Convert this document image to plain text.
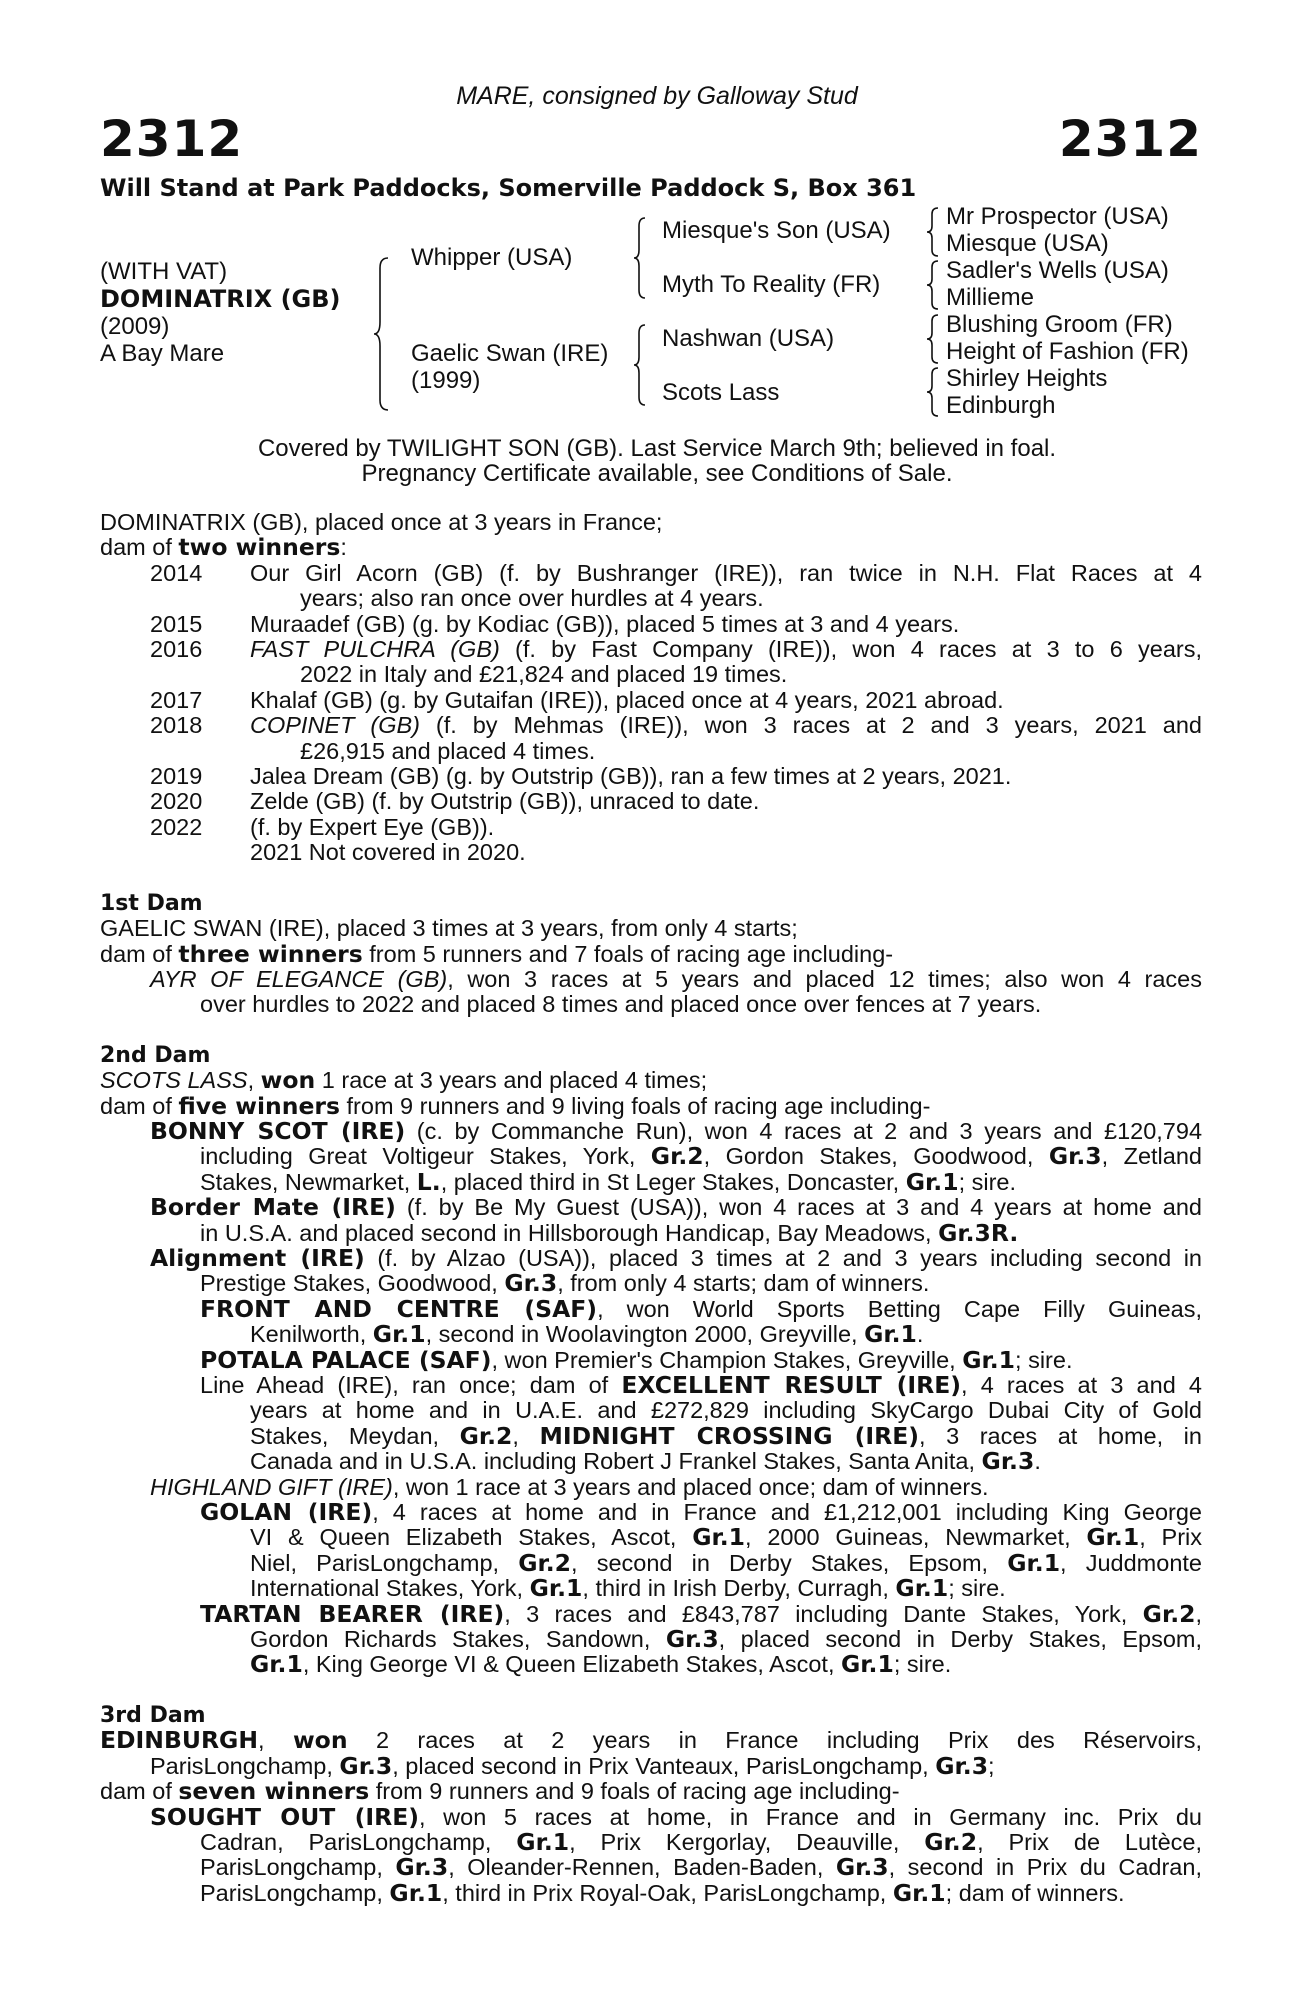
MARE, consigned by Galloway Stud
2312	2312
Will Stand at Park Paddocks, Somerville Paddock S, Box 361
(WITH VAT)
DOMINATRIX (GB)
(2009)
A Bay Mare
Whipper (USA)
Gaelic Swan (IRE)
(1999)
Miesque's Son (USA)
Myth To Reality (FR)
Nashwan (USA)
Scots Lass
Mr Prospector (USA)
Miesque (USA)
Sadler's Wells (USA)
Millieme
Blushing Groom (FR)
Height of Fashion (FR)
Shirley Heights
Edinburgh
Covered by TWILIGHT SON (GB). Last Service March 9th; believed in foal.
Pregnancy Certificate available, see Conditions of Sale.
DOMINATRIX (GB), placed once at 3 years in France;
dam of two winners:
2014 Our Girl Acorn (GB) (f. by Bushranger (IRE)), ran twice in N.H. Flat Races at 4
years; also ran once over hurdles at 4 years.
2015 Muraadef (GB) (g. by Kodiac (GB)), placed 5 times at 3 and 4 years.
2016 FAST PULCHRA (GB) (f. by Fast Company (IRE)), won 4 races at 3 to 6 years,
2022 in Italy and £21,824 and placed 19 times.
2017 Khalaf (GB) (g. by Gutaifan (IRE)), placed once at 4 years, 2021 abroad.
2018 COPINET (GB) (f. by Mehmas (IRE)), won 3 races at 2 and 3 years, 2021 and
£26,915 and placed 4 times.
2019 Jalea Dream (GB) (g. by Outstrip (GB)), ran a few times at 2 years, 2021.
2020 Zelde (GB) (f. by Outstrip (GB)), unraced to date.
2022 (f. by Expert Eye (GB)).
2021 Not covered in 2020.
1st Dam
GAELIC SWAN (IRE), placed 3 times at 3 years, from only 4 starts;
dam of three winners from 5 runners and 7 foals of racing age including-
AYR OF ELEGANCE (GB), won 3 races at 5 years and placed 12 times; also won 4 races
over hurdles to 2022 and placed 8 times and placed once over fences at 7 years.
2nd Dam
SCOTS LASS, won 1 race at 3 years and placed 4 times;
dam of five winners from 9 runners and 9 living foals of racing age including-
BONNY SCOT (IRE) (c. by Commanche Run), won 4 races at 2 and 3 years and £120,794
including Great Voltigeur Stakes, York, Gr.2, Gordon Stakes, Goodwood, Gr.3, Zetland
Stakes, Newmarket, L., placed third in St Leger Stakes, Doncaster, Gr.1; sire.
Border Mate (IRE) (f. by Be My Guest (USA)), won 4 races at 3 and 4 years at home and
in U.S.A. and placed second in Hillsborough Handicap, Bay Meadows, Gr.3R.
Alignment (IRE) (f. by Alzao (USA)), placed 3 times at 2 and 3 years including second in
Prestige Stakes, Goodwood, Gr.3, from only 4 starts; dam of winners.
FRONT AND CENTRE (SAF), won World Sports Betting Cape Filly Guineas,
Kenilworth, Gr.1, second in Woolavington 2000, Greyville, Gr.1.
POTALA PALACE (SAF), won Premier's Champion Stakes, Greyville, Gr.1; sire.
Line Ahead (IRE), ran once; dam of EXCELLENT RESULT (IRE), 4 races at 3 and 4
years at home and in U.A.E. and £272,829 including SkyCargo Dubai City of Gold
Stakes, Meydan, Gr.2, MIDNIGHT CROSSING (IRE), 3 races at home, in
Canada and in U.S.A. including Robert J Frankel Stakes, Santa Anita, Gr.3.
HIGHLAND GIFT (IRE), won 1 race at 3 years and placed once; dam of winners.
GOLAN (IRE), 4 races at home and in France and £1,212,001 including King George
VI & Queen Elizabeth Stakes, Ascot, Gr.1, 2000 Guineas, Newmarket, Gr.1, Prix
Niel, ParisLongchamp, Gr.2, second in Derby Stakes, Epsom, Gr.1, Juddmonte
International Stakes, York, Gr.1, third in Irish Derby, Curragh, Gr.1; sire.
TARTAN BEARER (IRE), 3 races and £843,787 including Dante Stakes, York, Gr.2,
Gordon Richards Stakes, Sandown, Gr.3, placed second in Derby Stakes, Epsom,
Gr.1, King George VI & Queen Elizabeth Stakes, Ascot, Gr.1; sire.
3rd Dam
EDINBURGH, won 2 races at 2 years in France including Prix des Réservoirs,
ParisLongchamp, Gr.3, placed second in Prix Vanteaux, ParisLongchamp, Gr.3;
dam of seven winners from 9 runners and 9 foals of racing age including-
SOUGHT OUT (IRE), won 5 races at home, in France and in Germany inc. Prix du
Cadran, ParisLongchamp, Gr.1, Prix Kergorlay, Deauville, Gr.2, Prix de Lutèce,
ParisLongchamp, Gr.3, Oleander-Rennen, Baden-Baden, Gr.3, second in Prix du Cadran,
ParisLongchamp, Gr.1, third in Prix Royal-Oak, ParisLongchamp, Gr.1; dam of winners.
